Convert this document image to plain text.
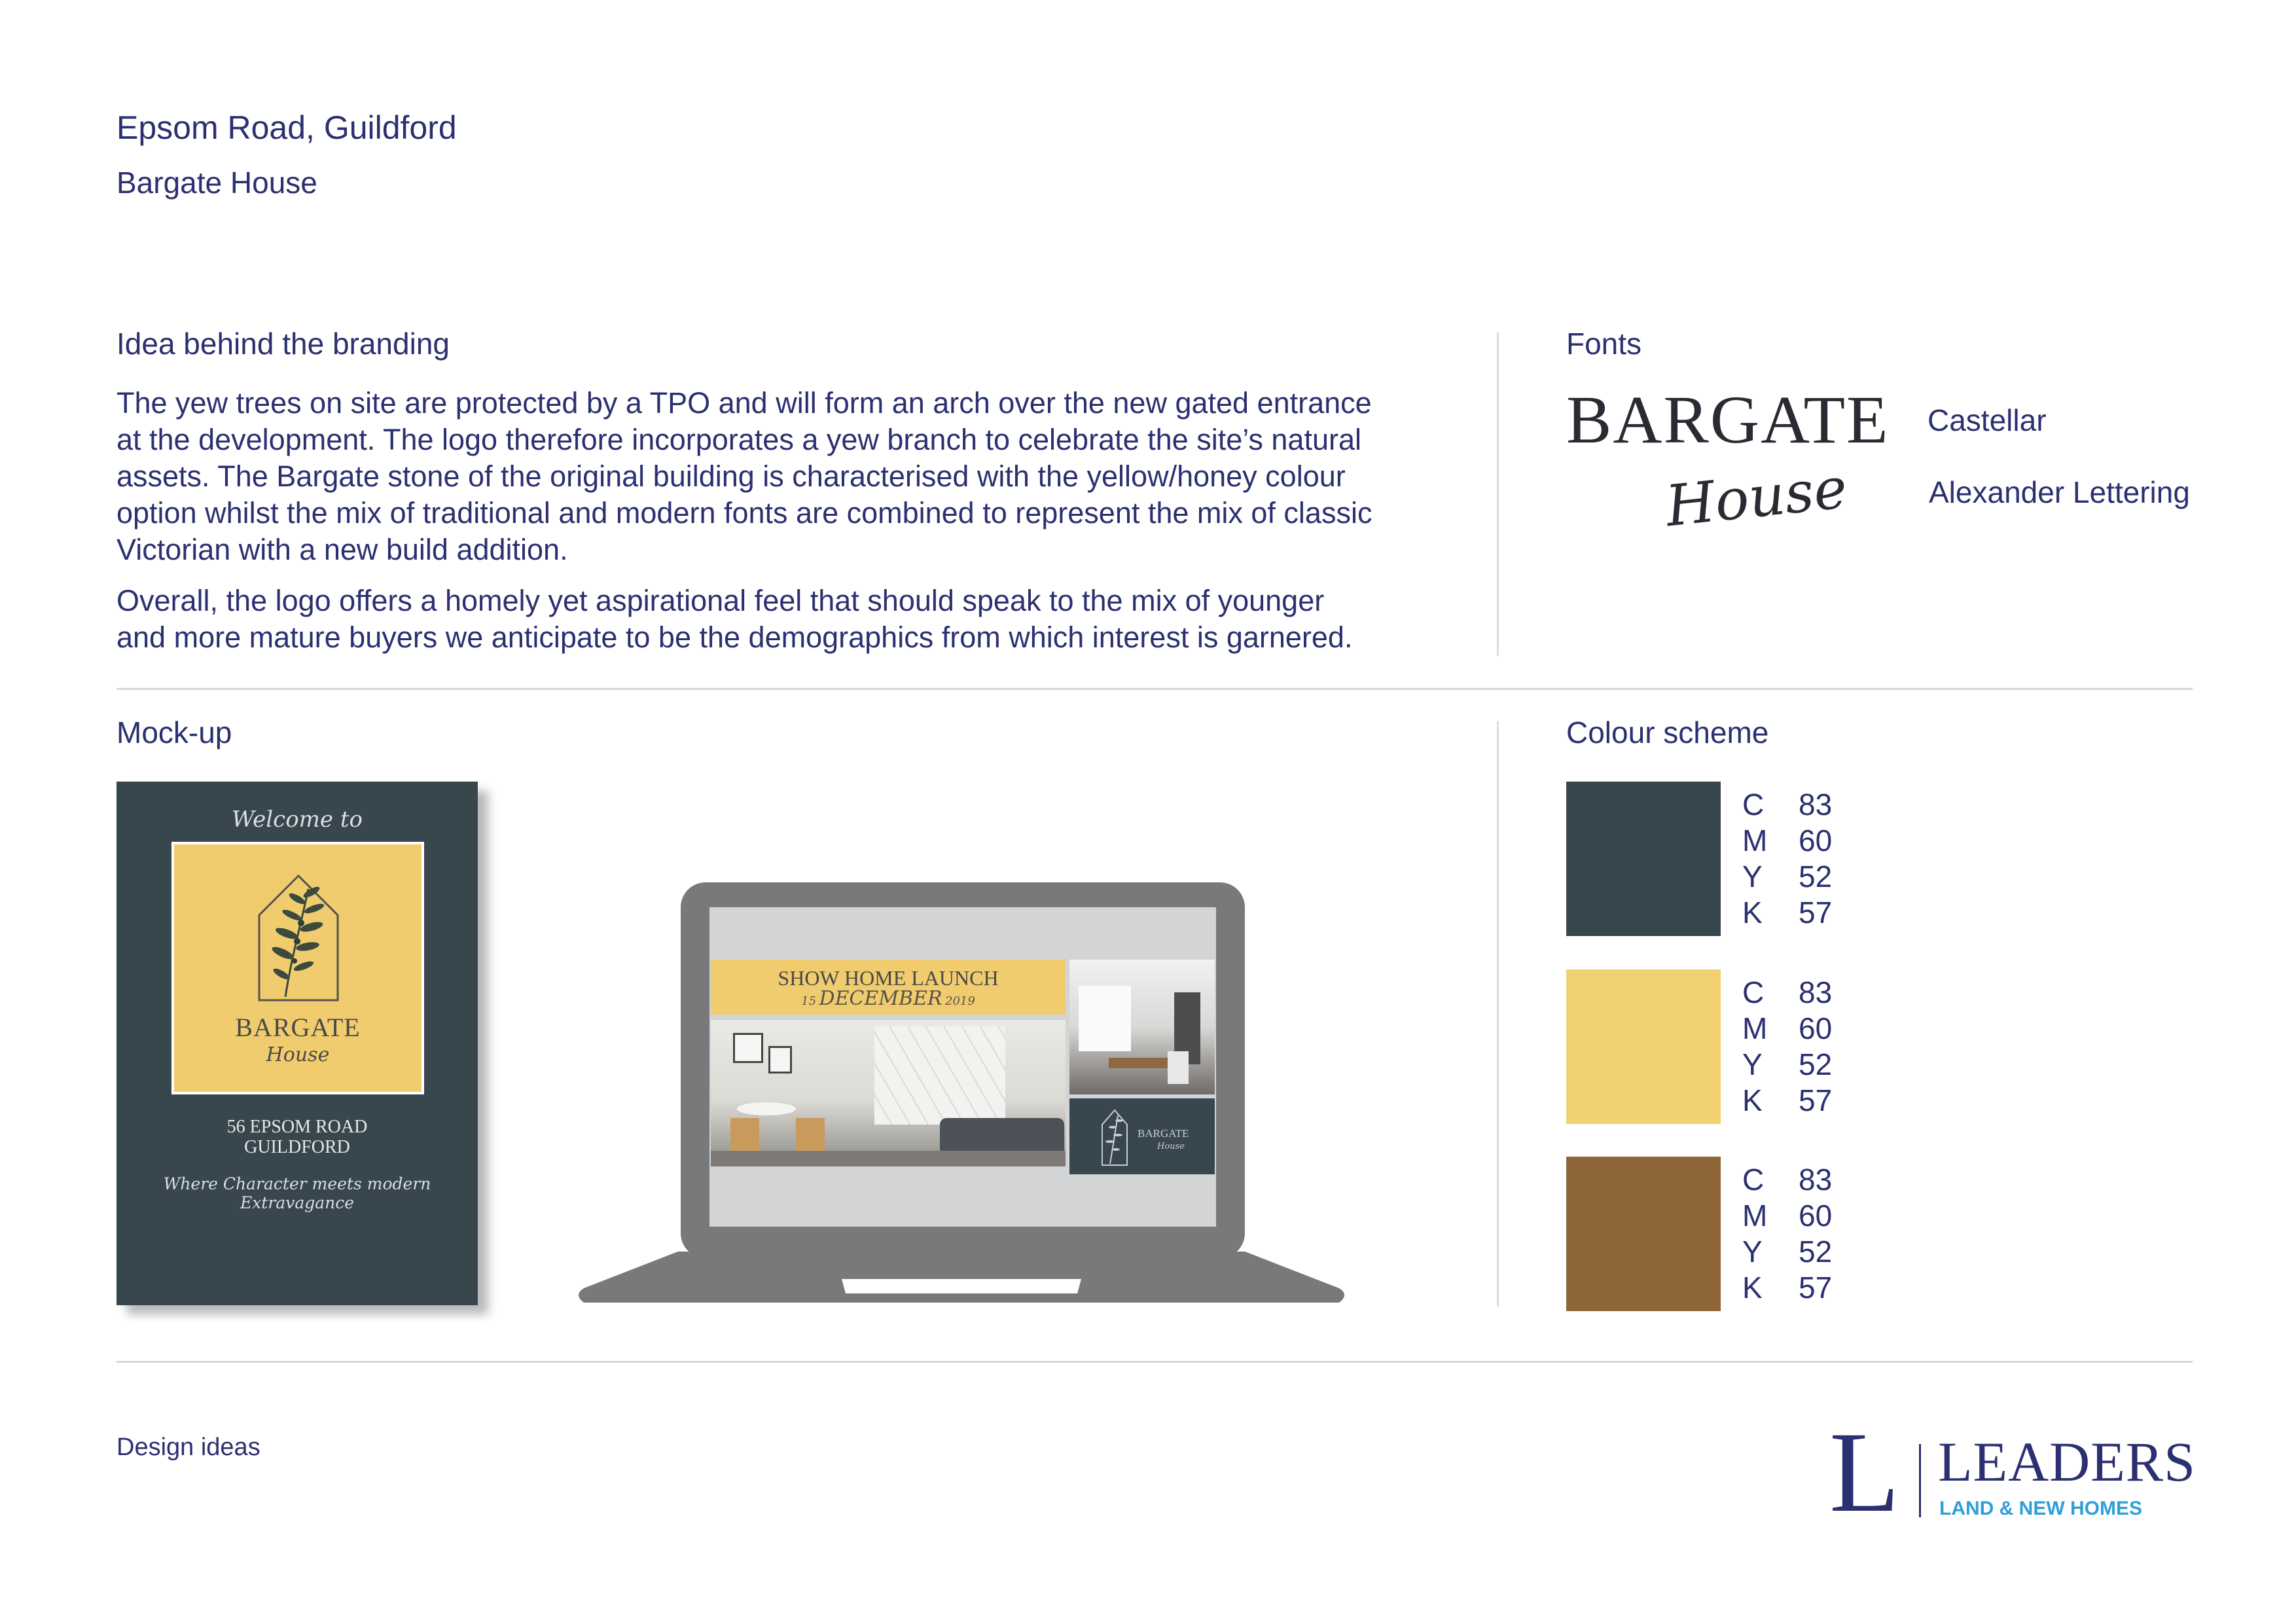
Epsom Road, Guildford
Bargate House
Idea behind the branding
The yew trees on site are protected by a TPO and will form an arch over the new gated entrance
at the development. The logo therefore incorporates a yew branch to celebrate the site’s natural
assets. The Bargate stone of the original building is characterised with the yellow/honey colour
option whilst the mix of traditional and modern fonts are combined to represent the mix of classic
Victorian with a new build addition.
Overall, the logo offers a homely yet aspirational feel that should speak to the mix of younger
and more mature buyers we anticipate to be the demographics from which interest is garnered.
Fonts
BARGATE
House
Castellar
Alexander Lettering
Mock-up
Welcome to
BARGATE
House
56 EPSOM ROAD
GUILDFORD
Where Character meets modern Extravagance
SHOW HOME LAUNCH
15 DECEMBER 2019
BARGATE
House
Colour scheme
C	83
M	60
Y	52
K	57
C	83
M	60
Y	52
K	57
C	83
M	60
Y	52
K	57
Design ideas	L LEADERS
LAND & NEW HOMES
